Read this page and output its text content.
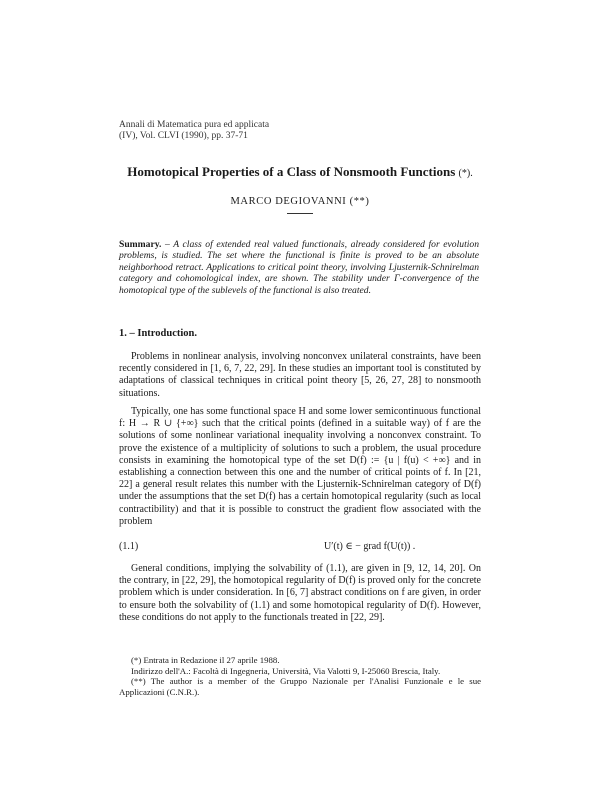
Annali di Matematica pura ed applicata
(IV), Vol. CLVI (1990), pp. 37-71
Homotopical Properties of a Class of Nonsmooth Functions (*).
MARCO DEGIOVANNI (**)
Summary. – A class of extended real valued functionals, already considered for evolution problems, is studied. The set where the functional is finite is proved to be an absolute neighborhood retract. Applications to critical point theory, involving Ljusternik-Schnirelman category and cohomological index, are shown. The stability under Γ-convergence of the homotopical type of the sublevels of the functional is also treated.
1. – Introduction.
Problems in nonlinear analysis, involving nonconvex unilateral constraints, have been recently considered in [1, 6, 7, 22, 29]. In these studies an important tool is constituted by adaptations of classical techniques in critical point theory [5, 26, 27, 28] to nonsmooth situations.
Typically, one has some functional space H and some lower semicontinuous functional f: H → R ∪ {+∞} such that the critical points (defined in a suitable way) of f are the solutions of some nonlinear variational inequality involving a nonconvex constraint. To prove the existence of a multiplicity of solutions to such a problem, the usual procedure consists in examining the homotopical type of the set D(f) := {u | f(u) < +∞} and in establishing a connection between this one and the number of critical points of f. In [21, 22] a general result relates this number with the Ljusternik-Schnirelman category of D(f) under the assumptions that the set D(f) has a certain homotopical regularity (such as local contractibility) and that it is possible to construct the gradient flow associated with the problem
(1.1)	U′(t) ∈ − grad f(U(t)) .
General conditions, implying the solvability of (1.1), are given in [9, 12, 14, 20]. On the contrary, in [22, 29], the homotopical regularity of D(f) is proved only for the concrete problem which is under consideration. In [6, 7] abstract conditions on f are given, in order to ensure both the solvability of (1.1) and some homotopical regularity of D(f). However, these conditions do not apply to the functionals treated in [22, 29].
(*) Entrata in Redazione il 27 aprile 1988.
Indirizzo dell'A.: Facoltà di Ingegneria, Università, Via Valotti 9, I-25060 Brescia, Italy.
(**) The author is a member of the Gruppo Nazionale per l'Analisi Funzionale e le sue Applicazioni (C.N.R.).
